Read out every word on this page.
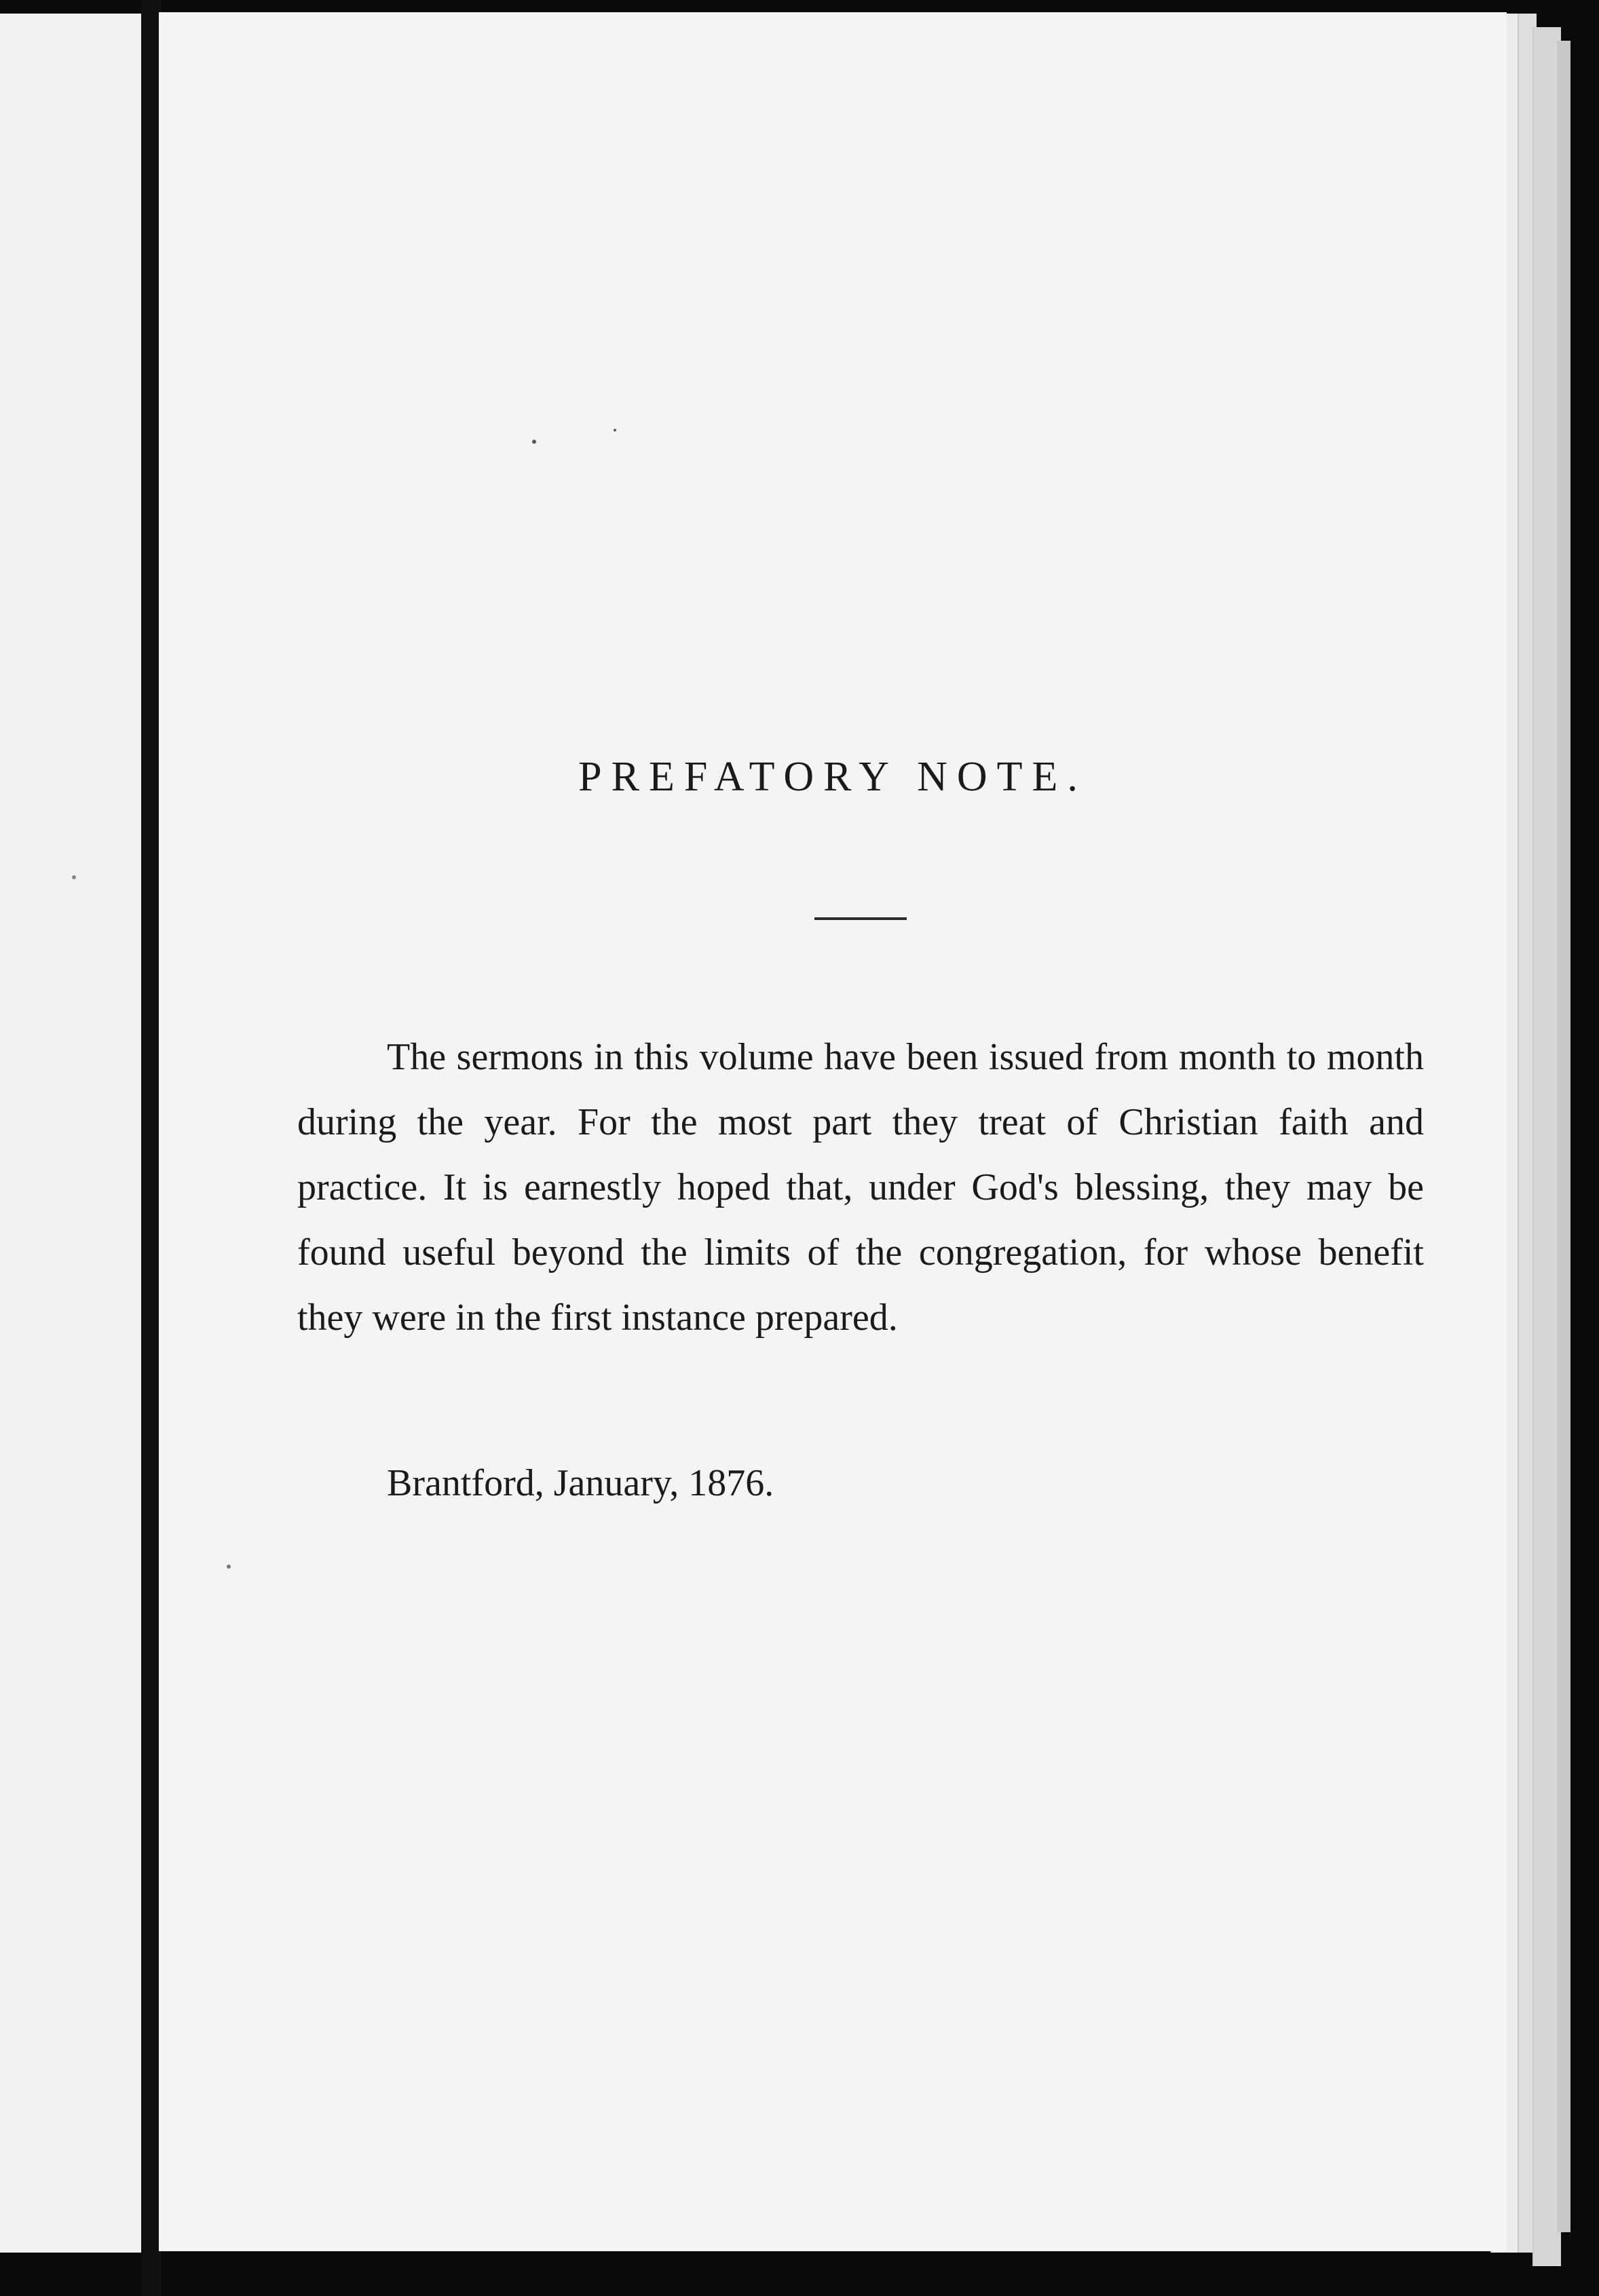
PREFATORY NOTE.

The sermons in this volume have been issued from month to month during the year. For the most part they treat of Christian faith and practice. It is earnestly hoped that, under God's blessing, they may be found useful beyond the limits of the congregation, for whose benefit they were in the first instance prepared.

Brantford, January, 1876.
